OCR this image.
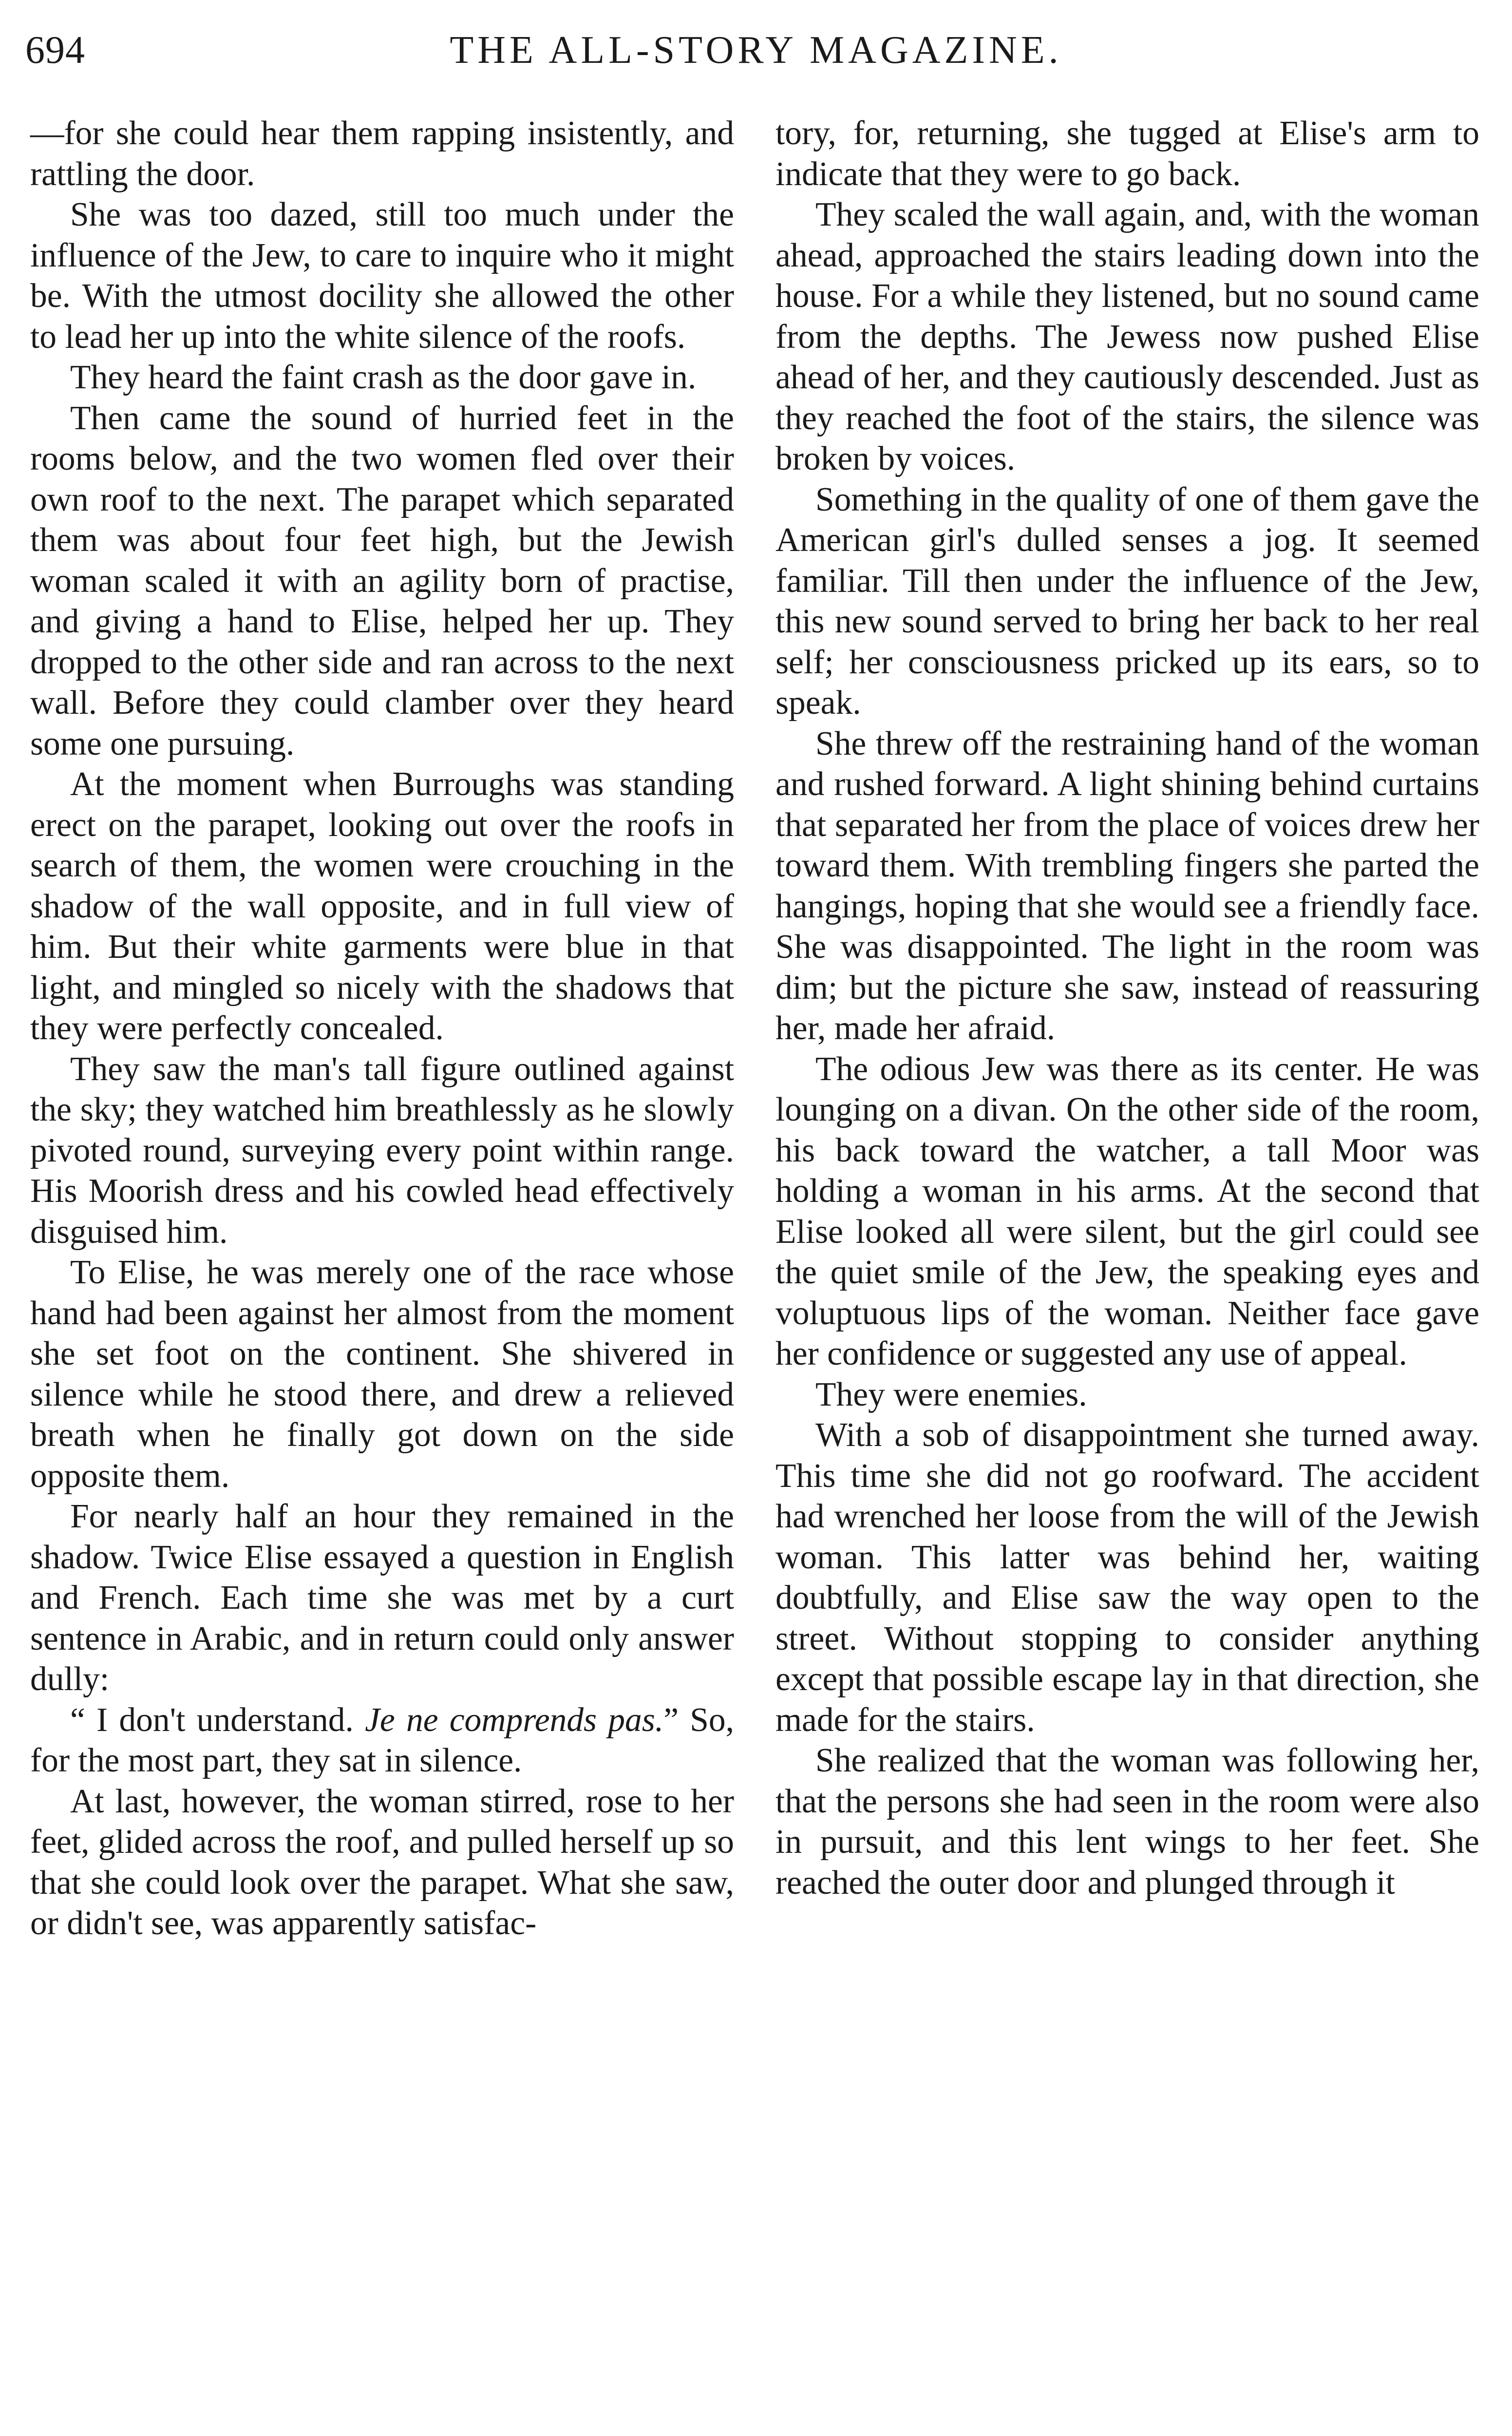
694	THE ALL-STORY MAGAZINE.

—for she could hear them rapping insistently, and rattling the door.

She was too dazed, still too much under the influence of the Jew, to care to inquire who it might be. With the utmost docility she allowed the other to lead her up into the white silence of the roofs.

They heard the faint crash as the door gave in.

Then came the sound of hurried feet in the rooms below, and the two women fled over their own roof to the next. The parapet which separated them was about four feet high, but the Jewish woman scaled it with an agility born of practise, and giving a hand to Elise, helped her up. They dropped to the other side and ran across to the next wall. Before they could clamber over they heard some one pursuing.

At the moment when Burroughs was standing erect on the parapet, looking out over the roofs in search of them, the women were crouching in the shadow of the wall opposite, and in full view of him. But their white garments were blue in that light, and mingled so nicely with the shadows that they were perfectly concealed.

They saw the man's tall figure outlined against the sky; they watched him breathlessly as he slowly pivoted round, surveying every point within range. His Moorish dress and his cowled head effectively disguised him.

To Elise, he was merely one of the race whose hand had been against her almost from the moment she set foot on the continent. She shivered in silence while he stood there, and drew a relieved breath when he finally got down on the side opposite them.

For nearly half an hour they remained in the shadow. Twice Elise essayed a question in English and French. Each time she was met by a curt sentence in Arabic, and in return could only answer dully:

“ I don't understand. Je ne comprends pas.” So, for the most part, they sat in silence.

At last, however, the woman stirred, rose to her feet, glided across the roof, and pulled herself up so that she could look over the parapet. What she saw, or didn't see, was apparently satisfac-

tory, for, returning, she tugged at Elise's arm to indicate that they were to go back.

They scaled the wall again, and, with the woman ahead, approached the stairs leading down into the house. For a while they listened, but no sound came from the depths. The Jewess now pushed Elise ahead of her, and they cautiously descended. Just as they reached the foot of the stairs, the silence was broken by voices.

Something in the quality of one of them gave the American girl's dulled senses a jog. It seemed familiar. Till then under the influence of the Jew, this new sound served to bring her back to her real self; her consciousness pricked up its ears, so to speak.

She threw off the restraining hand of the woman and rushed forward. A light shining behind curtains that separated her from the place of voices drew her toward them. With trembling fingers she parted the hangings, hoping that she would see a friendly face. She was disappointed. The light in the room was dim; but the picture she saw, instead of reassuring her, made her afraid.

The odious Jew was there as its center. He was lounging on a divan. On the other side of the room, his back toward the watcher, a tall Moor was holding a woman in his arms. At the second that Elise looked all were silent, but the girl could see the quiet smile of the Jew, the speaking eyes and voluptuous lips of the woman. Neither face gave her confidence or suggested any use of appeal.

They were enemies.

With a sob of disappointment she turned away. This time she did not go roofward. The accident had wrenched her loose from the will of the Jewish woman. This latter was behind her, waiting doubtfully, and Elise saw the way open to the street. Without stopping to consider anything except that possible escape lay in that direction, she made for the stairs.

She realized that the woman was following her, that the persons she had seen in the room were also in pursuit, and this lent wings to her feet. She reached the outer door and plunged through it
